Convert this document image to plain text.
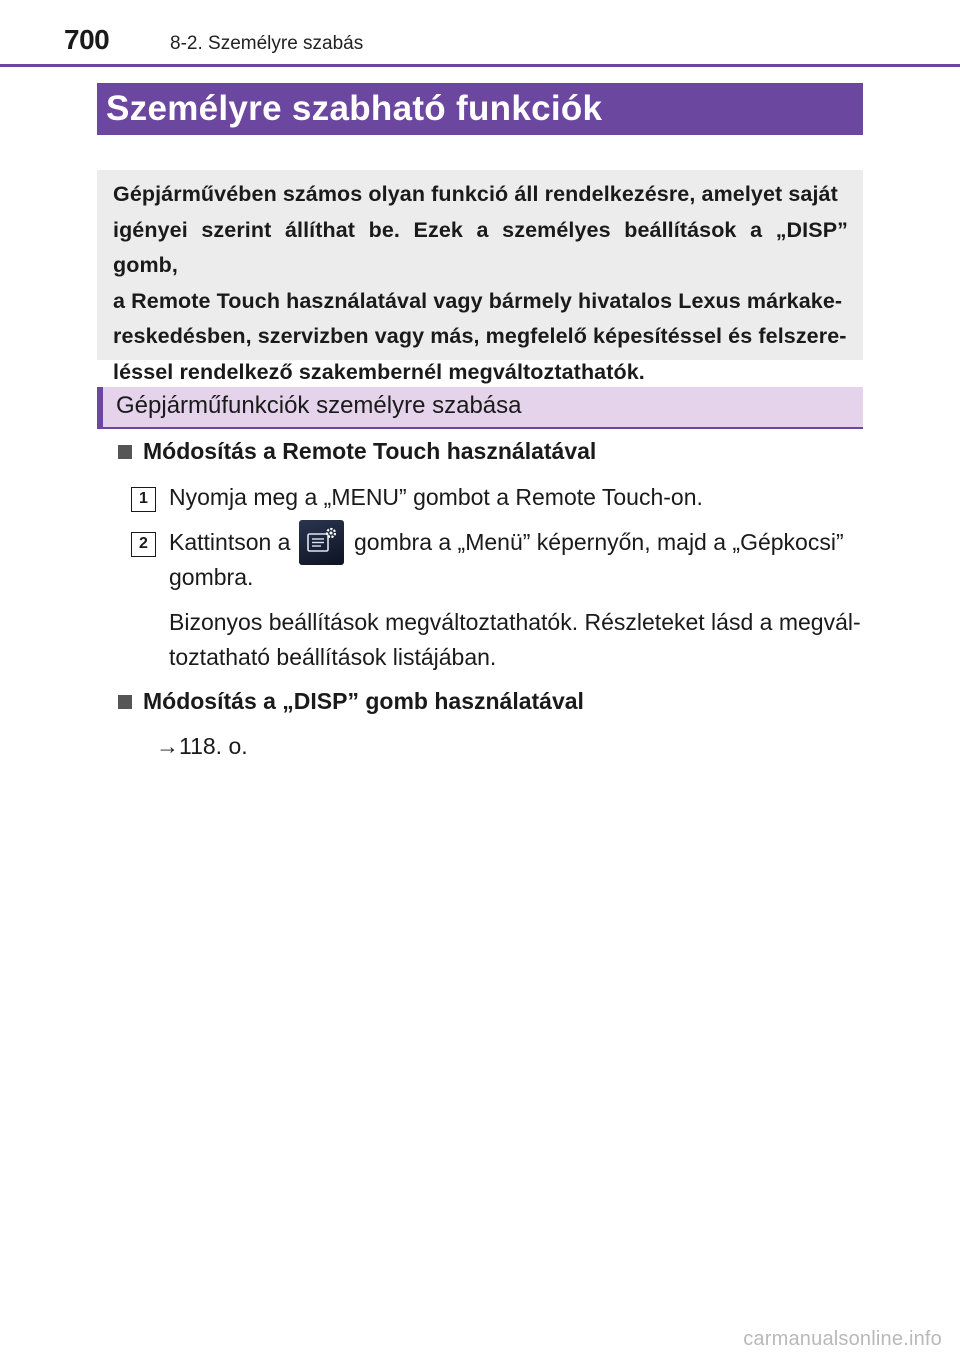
700	8-2. Személyre szabás
Személyre szabható funkciók

Gépjárművében számos olyan funkció áll rendelkezésre, amelyet saját

igényei szerint állíthat be. Ezek a személyes beállítások a „DISP” gomb,

a Remote Touch használatával vagy bármely hivatalos Lexus márkake-

reskedésben, szervizben vagy más, megfelelő képesítéssel és felszere-

léssel rendelkező szakembernél megváltoztathatók.

Gépjárműfunkciók személyre szabása
Módosítás a Remote Touch használatával
1 Nyomja meg a „MENU” gombot a Remote Touch-on.
2 Kattintson a	gombra a „Menü” képernyőn, majd a „Gépkocsi”
gombra.
Bizonyos beállítások megváltoztathatók. Részleteket lásd a megvál-
toztatható beállítások listájában.
Módosítás a „DISP” gomb használatával
→118. o.
carmanualsonline.info
